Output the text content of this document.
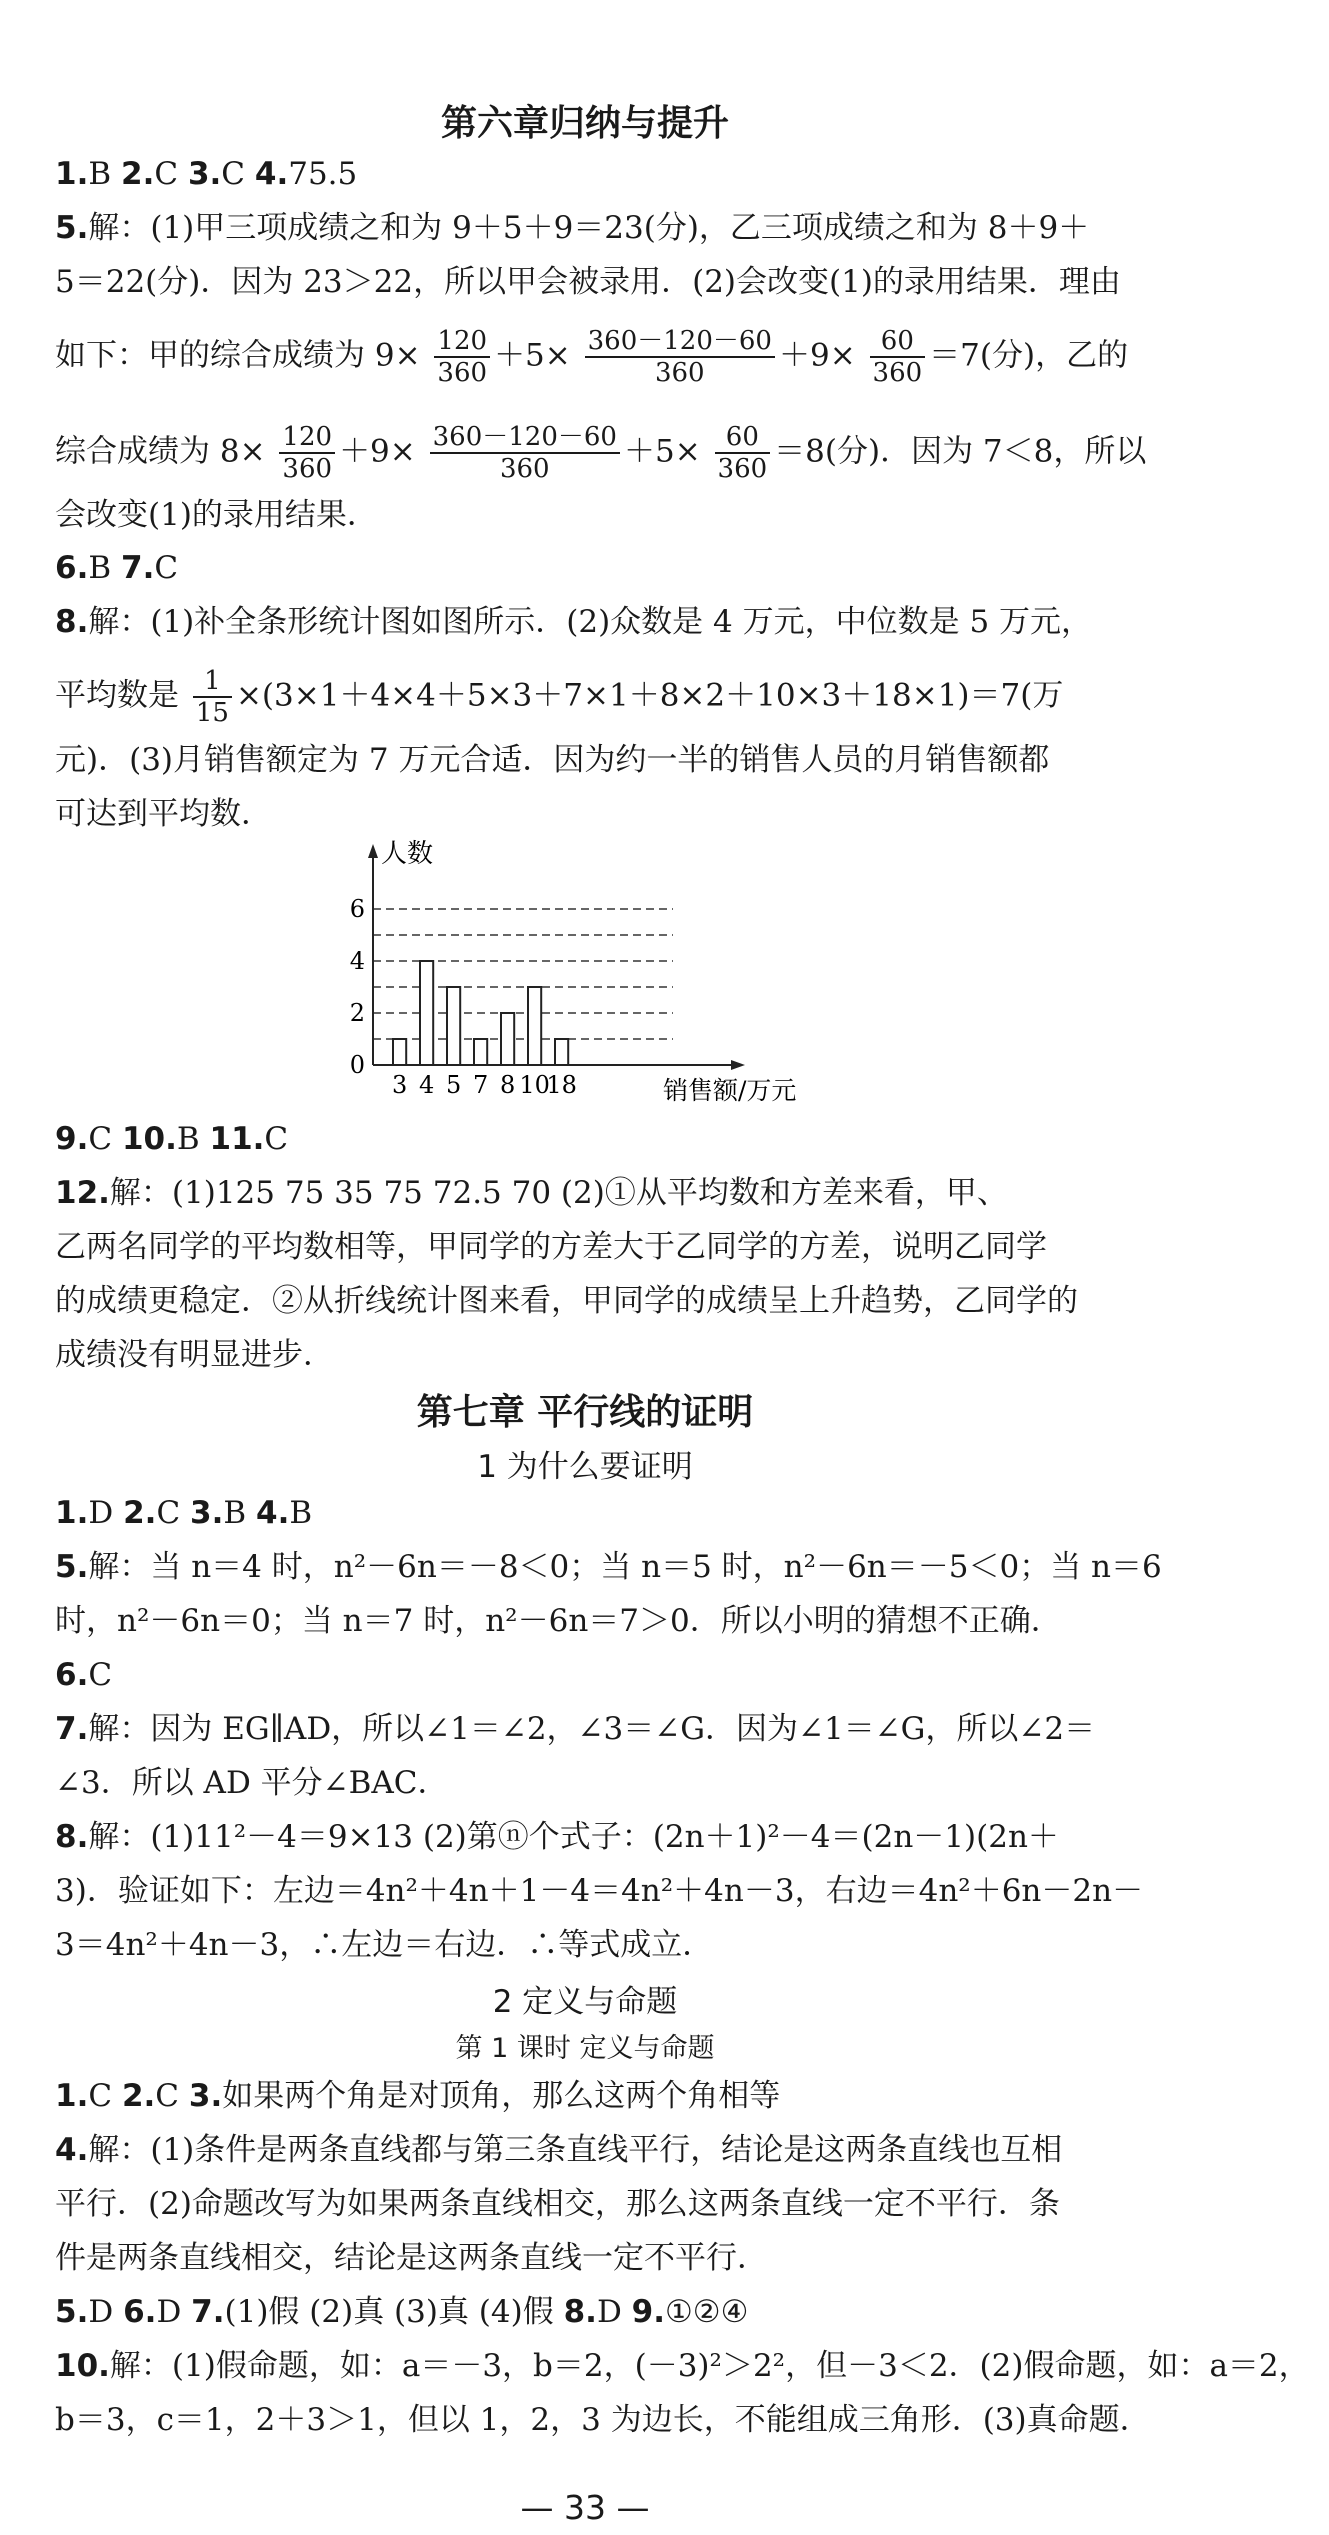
第六章归纳与提升
1.B 2.C 3.C 4.75.5
5.解：(1)甲三项成绩之和为 9＋5＋9＝23(分)，乙三项成绩之和为 8＋9＋
5＝22(分)．因为 23＞22，所以甲会被录用．(2)会改变(1)的录用结果．理由
如下：甲的综合成绩为 $9\times \frac{120}{360} +5\times \frac{360-120-60}{360} +9\times \frac{60}{360} =7$(分)，乙的
综合成绩为 $8\times \frac{120}{360} +9\times \frac{360-120-60}{360} +5\times \frac{60}{360} =8$(分)．因为 7＜8，所以
会改变(1)的录用结果．
6.B 7.C
8.解：(1)补全条形统计图如图所示．(2)众数是 4 万元，中位数是 5 万元，
平均数是 $\frac{1}{15} \times(3\times 1+4\times 4+5\times 3+7\times 1+8\times 2+10\times 3+18\times 1)=7$(万
元)．(3)月销售额定为 7 万元合适．因为约一半的销售人员的月销售额都
可达到平均数．
0
2
4
6
人数
3 4 5 7 8 10
18	销售额/万元
9.C 10.B 11.C
12.解：(1)125 75 35 75 72.5 70 (2)①从平均数和方差来看，甲、
乙两名同学的平均数相等，甲同学的方差大于乙同学的方差，说明乙同学
的成绩更稳定．②从折线统计图来看，甲同学的成绩呈上升趋势，乙同学的
成绩没有明显进步．
第七章 平行线的证明
1 为什么要证明
1.D 2.C 3.B 4.B
5.解：当 n＝4 时，n²－6n＝－8＜0；当 n＝5 时，n²－6n＝－5＜0；当 n＝6
时，n²－6n＝0；当 n＝7 时，n²－6n＝7＞0．所以小明的猜想不正确．
6.C
7.解：因为 EG∥AD，所以∠1＝∠2，∠3＝∠G．因为∠1＝∠G，所以∠2＝
∠3．所以 AD 平分∠BAC．
8.解：(1)11²－4＝9×13 (2)第ⓝ个式子：(2n＋1)²－4＝(2n－1)(2n＋
3)．验证如下：左边＝4n²＋4n＋1－4＝4n²＋4n－3，右边＝4n²＋6n－2n－
3＝4n²＋4n－3，∴左边＝右边．∴等式成立．
2 定义与命题
第 1 课时 定义与命题
1.C 2.C 3.如果两个角是对顶角，那么这两个角相等
4.解：(1)条件是两条直线都与第三条直线平行，结论是这两条直线也互相
平行．(2)命题改写为如果两条直线相交，那么这两条直线一定不平行．条
件是两条直线相交，结论是这两条直线一定不平行．
5.D 6.D 7.(1)假 (2)真 (3)真 (4)假 8.D 9.①②④
10.解：(1)假命题，如：a＝－3，b＝2，(－3)²＞2²，但－3＜2．(2)假命题，如：a＝2，
b＝3，c＝1，2＋3＞1，但以 1，2，3 为边长，不能组成三角形．(3)真命题．
— 33 —
